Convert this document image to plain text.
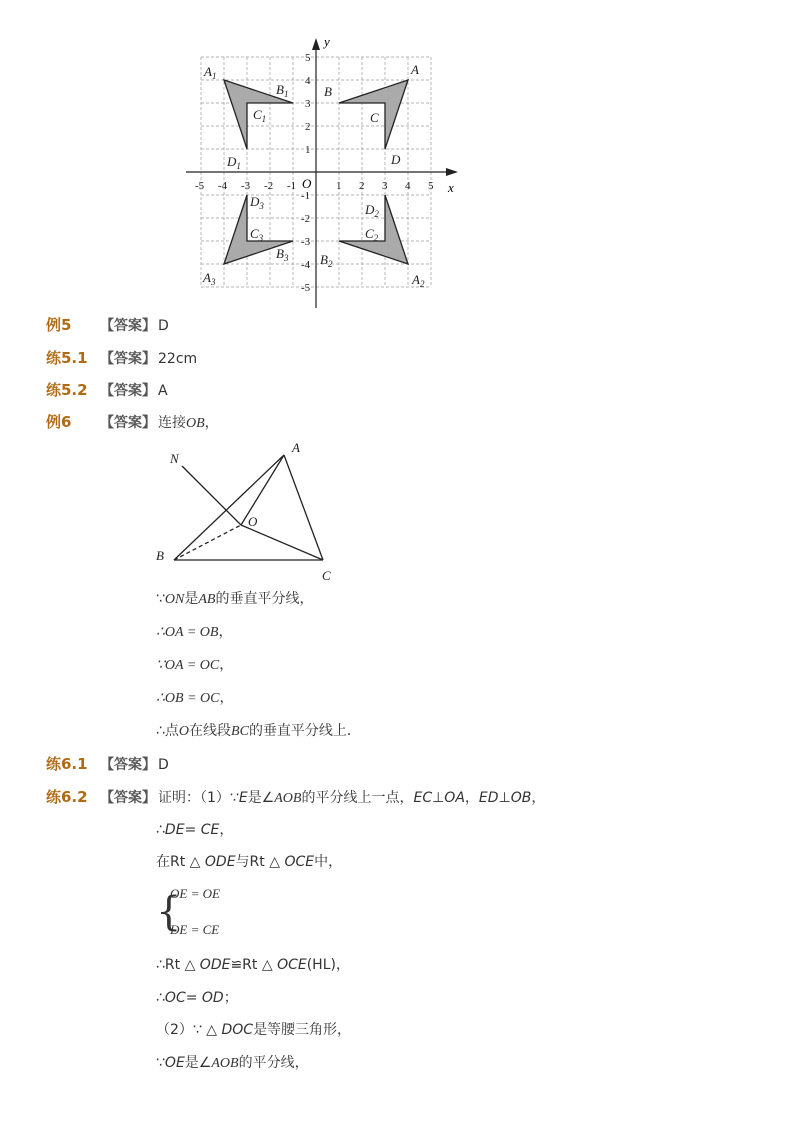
x
y
O
-5 -4 -3 -2 -1	1 2 3 4 5
1
2
3
4
5
-1
-2
-3
-4
-5
A
B
C
D
$A_1$
$B_1$
$C_1$
$D_1$
$D_3$
$C_3$
$B_3$
$A_3$
$D_2$
$C_2$
$B_2$
$A_2$
例5 【答案】 D
练5.1 【答案】 22cm
练5.2 【答案】 A
例6 【答案】 连接OB，
N
A
O
B
C
∵ON是AB的垂直平分线，
∴OA = OB，
∵OA = OC，
∴OB = OC，
∴点O在线段BC的垂直平分线上．
练6.1 【答案】 D
练6.2 【答案】 证明：（1）∵E是∠AOB的平分线上一点，EC⊥OA，ED⊥OB，
∴DE= CE，
在Rt △ ODE与Rt △ OCE中，
{
OE = OE
DE = CE
∴Rt △ ODE≌Rt △ OCE(HL)，
∴OC= OD；
（2）∵ △ DOC是等腰三角形，
∵OE是∠AOB的平分线，
